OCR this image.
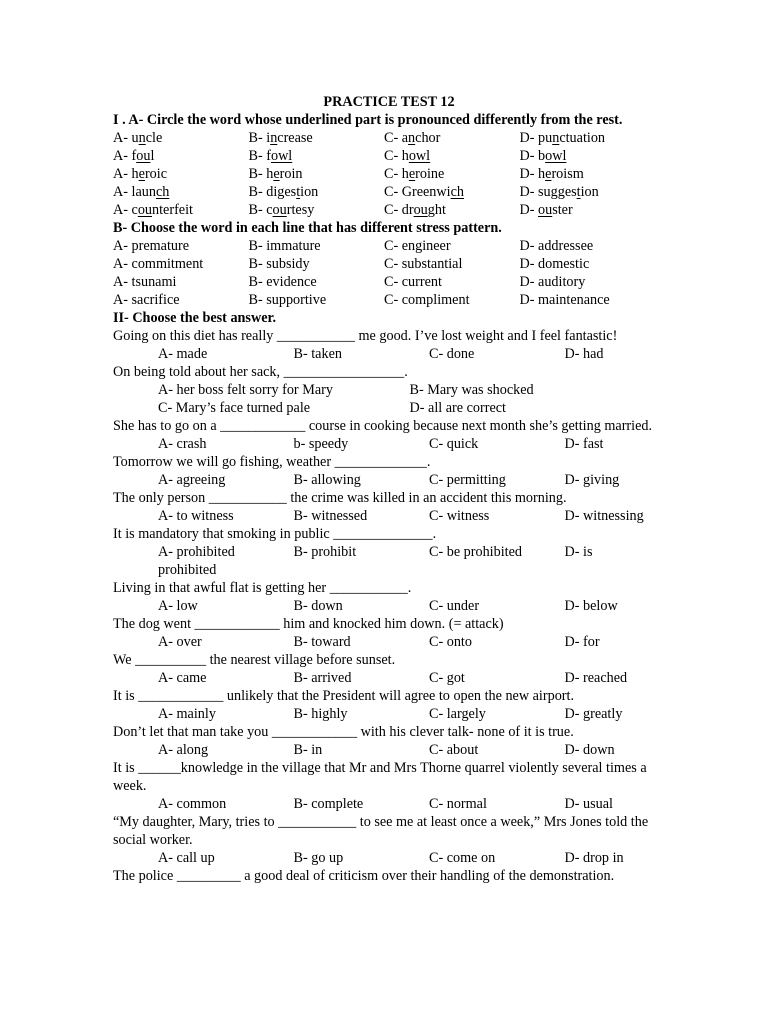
PRACTICE TEST 12
I . A- Circle the word whose underlined part is pronounced differently from the rest.
A- uncle	B- increase	C- anchor	D- punctuation
A- foul	B- fowl	C- howl	D- bowl
A- heroic	B- heroin	C- heroine	D- heroism
A- launch	B- digestion	C- Greenwich	D- suggestion
A- counterfeit	B- courtesy	C- drought	D- ouster
B- Choose the word in each line that has different stress pattern.
A- premature	B- immature	C- engineer	D- addressee
A- commitment	B- subsidy	C- substantial	D- domestic
A- tsunami	B- evidence	C- current	D- auditory
A- sacrifice	B- supportive	C- compliment	D- maintenance
II- Choose the best answer.
Going on this diet has really ___________ me good. I’ve lost weight and I feel fantastic!
A- made	B- taken	C- done	D- had
On being told about her sack, _________________.
A- her boss felt sorry for Mary	B- Mary was shocked
C- Mary’s face turned pale	D- all are correct
She has to go on a ____________ course in cooking because next month she’s getting married.
A- crash	b- speedy	C- quick	D- fast
Tomorrow we will go fishing, weather _____________.
A- agreeing	B- allowing	C- permitting	D- giving
The only person ___________ the crime was killed in an accident this morning.
A- to witness	B- witnessed	C- witness	D- witnessing
It is mandatory that smoking in public ______________.
A- prohibited	B- prohibit	C- be prohibited	D- is
prohibited
Living in that awful flat is getting her ___________.
A- low	B- down	C- under	D- below
The dog went ____________ him and knocked him down. (= attack)
A- over	B- toward	C- onto	D- for
We __________ the nearest village before sunset.
A- came	B- arrived	C- got	D- reached
It is ____________ unlikely that the President will agree to open the new airport.
A- mainly	B- highly	C- largely	D- greatly
Don’t let that man take you ____________ with his clever talk- none of it is true.
A- along	B- in	C- about	D- down
It is ______knowledge in the village that Mr and Mrs Thorne quarrel violently several times a week.
A- common	B- complete	C- normal	D- usual
“My daughter, Mary, tries to ___________ to see me at least once a week,” Mrs Jones told the social worker.
A- call up	B- go up	C- come on	D- drop in
The police _________ a good deal of criticism over their handling of the demonstration.
